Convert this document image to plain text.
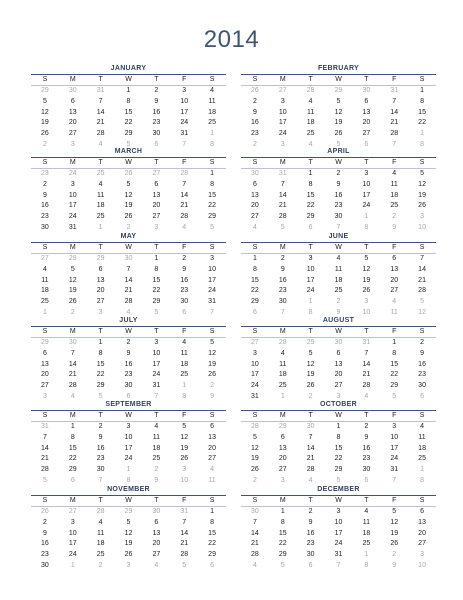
2014
JANUARY
S	M	T	W	T	F	S
29	30	31	1	2	3	4
5	6	7	8	9	10	11
12	13	14	15	16	17	18
19	20	21	22	23	24	25
26	27	28	29	30	31	1
2	3	4	5	6	7	8
FEBRUARY
S	M	T	W	T	F	S
26	27	28	29	30	31	1
2	3	4	5	6	7	8
9	10	11	12	13	14	15
16	17	18	19	20	21	22
23	24	25	26	27	28	1
2	3	4	5	6	7	8
MARCH
S	M	T	W	T	F	S
23	24	25	26	27	28	1
2	3	4	5	6	7	8
9	10	11	12	13	14	15
16	17	18	19	20	21	22
23	24	25	26	27	28	29
30	31	1	2	3	4	5
APRIL
S	M	T	W	T	F	S
30	31	1	2	3	4	5
6	7	8	9	10	11	12
13	14	15	16	17	18	19
20	21	22	23	24	25	26
27	28	29	30	1	2	3
4	5	6	7	8	9	10
MAY
S	M	T	W	T	F	S
27	28	29	30	1	2	3
4	5	6	7	8	9	10
11	12	13	14	15	16	17
18	19	20	21	22	23	24
25	26	27	28	29	30	31
1	2	3	4	5	6	7
JUNE
S	M	T	W	T	F	S
1	2	3	4	5	6	7
8	9	10	11	12	13	14
15	16	17	18	19	20	21
22	23	24	25	26	27	28
29	30	1	2	3	4	5
6	7	8	9	10	11	12
JULY
S	M	T	W	T	F	S
29	30	1	2	3	4	5
6	7	8	9	10	11	12
13	14	15	16	17	18	19
20	21	22	23	24	25	26
27	28	29	30	31	1	2
3	4	5	6	7	8	9
AUGUST
S	M	T	W	T	F	S
27	28	29	30	31	1	2
3	4	5	6	7	8	9
10	11	12	13	14	15	16
17	18	19	20	21	22	23
24	25	26	27	28	29	30
31	1	2	3	4	5	6
SEPTEMBER
S	M	T	W	T	F	S
31	1	2	3	4	5	6
7	8	9	10	11	12	13
14	15	16	17	18	19	20
21	22	23	24	25	26	27
28	29	30	1	2	3	4
5	6	7	8	9	10	11
OCTOBER
S	M	T	W	T	F	S
28	29	30	1	2	3	4
5	6	7	8	9	10	11
12	13	14	15	16	17	18
19	20	21	22	23	24	25
26	27	28	29	30	31	1
2	3	4	5	6	7	8
NOVEMBER
S	M	T	W	T	F	S
26	27	28	29	30	31	1
2	3	4	5	6	7	8
9	10	11	12	13	14	15
16	17	18	19	20	21	22
23	24	25	26	27	28	29
30	1	2	3	4	5	6
DECEMBER
S	M	T	W	T	F	S
30	1	2	3	4	5	6
7	8	9	10	11	12	13
14	15	16	17	18	19	20
21	22	23	24	25	26	27
28	29	30	31	1	2	3
4	5	6	7	8	9	10
